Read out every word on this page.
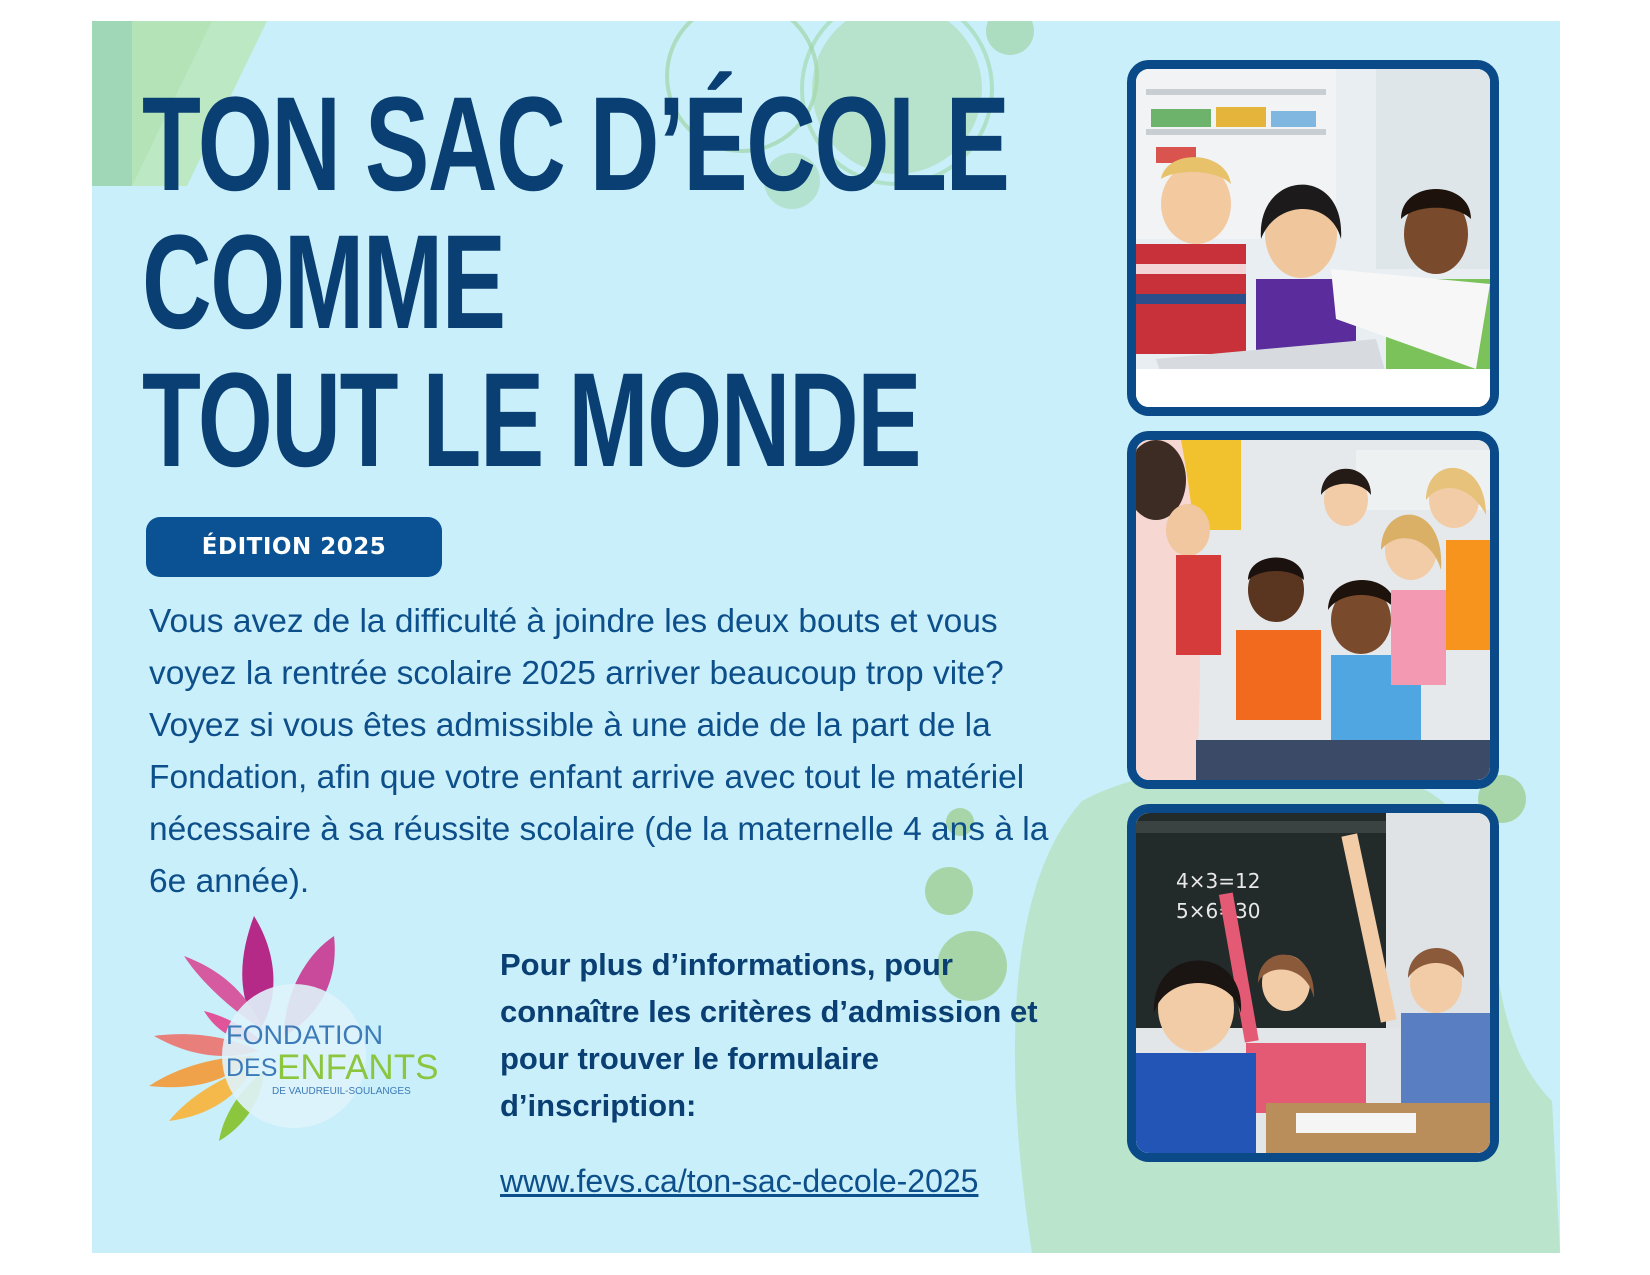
TON SAC D’ÉCOLE
COMME
TOUT LE MONDE
ÉDITION 2025

Vous avez de la difficulté à joindre les deux bouts et vous voyez la rentrée scolaire 2025 arriver beaucoup trop vite? Voyez si vous êtes admissible à une aide de la part de la Fondation, afin que votre enfant arrive avec tout le matériel nécessaire à sa réussite scolaire (de la maternelle 4 ans à la 6e année).

FONDATION
DES ENFANTS
DE VAUDREUIL-SOULANGES

Pour plus d’informations, pour connaître les critères d’admission et pour trouver le formulaire d’inscription:

www.fevs.ca/ton-sac-decole-2025
4×3=12
5×6=30
